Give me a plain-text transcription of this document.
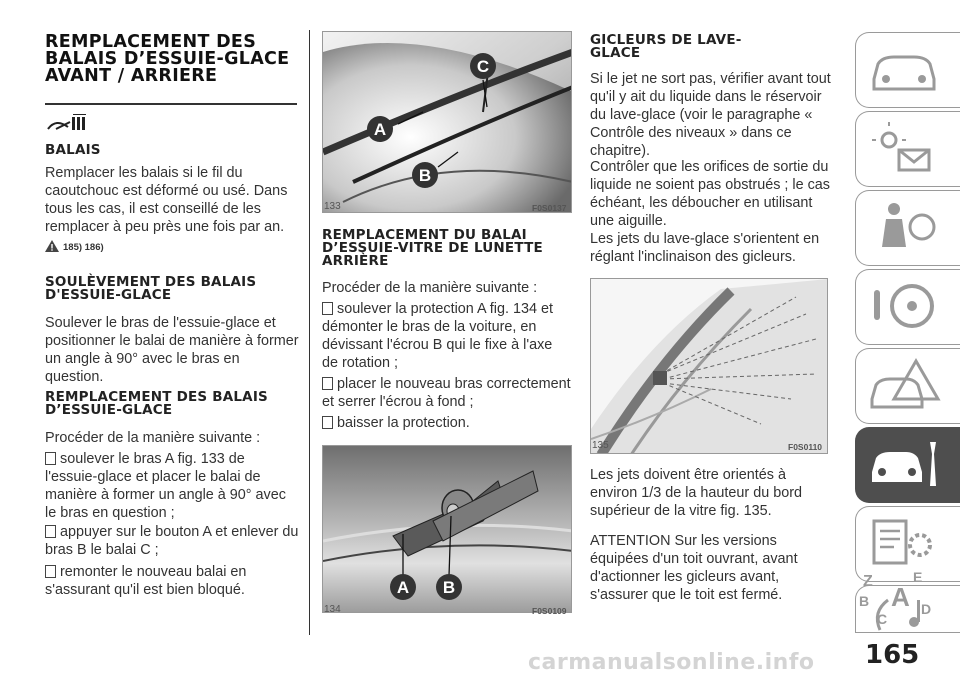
REMPLACEMENT DES BALAIS D’ESSUIE-GLACE AVANT / ARRIERE
BALAIS
Remplacer les balais si le fil du caoutchouc est déformé ou usé. Dans tous les cas, il est conseillé de les remplacer à peu près une fois par an.
185) 186)
SOULÈVEMENT DES BALAIS D'ESSUIE-GLACE
Soulever le bras de l'essuie-glace et positionner le balai de manière à former un angle à 90° avec le bras en question.
REMPLACEMENT DES BALAIS D’ESSUIE-GLACE
Procéder de la manière suivante :
soulever le bras A fig. 133 de l'essuie-glace et placer le balai de manière à former un angle à 90° avec le bras en question ;
appuyer sur le bouton A et enlever du bras B le balai C ;
remonter le nouveau balai en s'assurant qu'il est bien bloqué.
C
A
B
133	F0S0137
REMPLACEMENT DU BALAI D’ESSUIE-VITRE DE LUNETTE ARRIÈRE
Procéder de la manière suivante :
soulever la protection A fig. 134 et démonter le bras de la voiture, en dévissant l'écrou B qui le fixe à l'axe de rotation ;
placer le nouveau bras correctement et serrer l'écrou à fond ;
baisser la protection.
A B
134	F0S0109
GICLEURS DE LAVE-GLACE
Si le jet ne sort pas, vérifier avant tout qu'il y ait du liquide dans le réservoir du lave-glace (voir le paragraphe « Contrôle des niveaux » dans ce chapitre).
Contrôler que les orifices de sortie du liquide ne soient pas obstrués ; le cas échéant, les déboucher en utilisant une aiguille.
Les jets du lave-glace s'orientent en réglant l'inclinaison des gicleurs.
135	F0S0110
Les jets doivent être orientés à environ 1/3 de la hauteur du bord supérieur de la vitre fig. 135.
ATTENTION Sur les versions équipées d'un toit ouvrant, avant d'actionner les gicleurs avant, s'assurer que le toit est fermé.
Z	E
B A
C
D
165
carmanualsonline.info
